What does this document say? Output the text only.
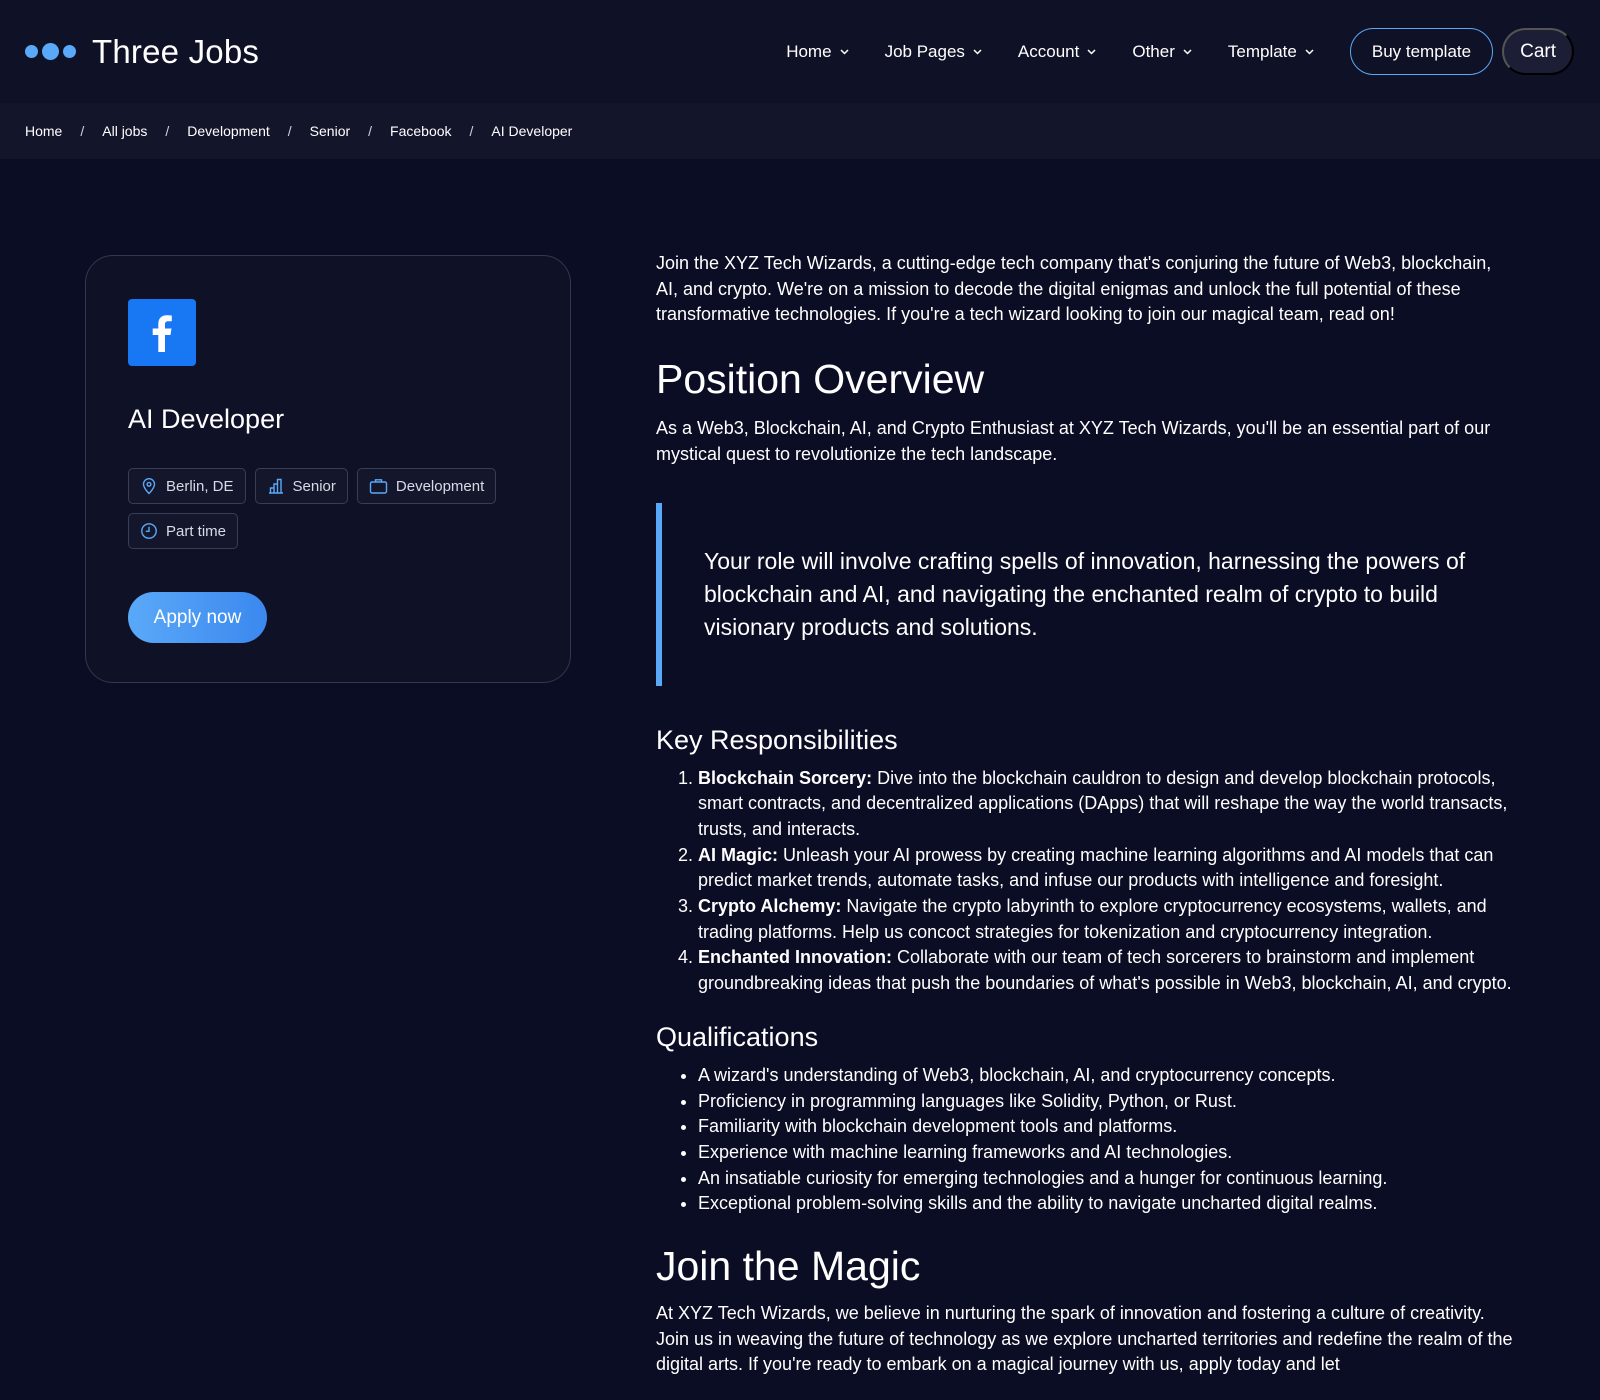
Three Jobs	Home	Job Pages	Account	Other	Template	Buy template	Cart
Home / All jobs / Development / Senior / Facebook / AI Developer
AI Developer
Berlin, DE	Senior	Development
Part time
Apply now

Join the XYZ Tech Wizards, a cutting-edge tech company that's conjuring the future of Web3, blockchain, AI, and crypto. We're on a mission to decode the digital enigmas and unlock the full potential of these transformative technologies. If you're a tech wizard looking to join our magical team, read on!

Position Overview

As a Web3, Blockchain, AI, and Crypto Enthusiast at XYZ Tech Wizards, you'll be an essential part of our mystical quest to revolutionize the tech landscape.

Your role will involve crafting spells of innovation, harnessing the powers of blockchain and AI, and navigating the enchanted realm of crypto to build visionary products and solutions.

Key Responsibilities
1. Blockchain Sorcery: Dive into the blockchain cauldron to design and develop blockchain protocols, smart contracts, and decentralized applications (DApps) that will reshape the way the world transacts, trusts, and interacts.
2. AI Magic: Unleash your AI prowess by creating machine learning algorithms and AI models that can predict market trends, automate tasks, and infuse our products with intelligence and foresight.
3. Crypto Alchemy: Navigate the crypto labyrinth to explore cryptocurrency ecosystems, wallets, and trading platforms. Help us concoct strategies for tokenization and cryptocurrency integration.
4. Enchanted Innovation: Collaborate with our team of tech sorcerers to brainstorm and implement groundbreaking ideas that push the boundaries of what's possible in Web3, blockchain, AI, and crypto.
Qualifications
• A wizard's understanding of Web3, blockchain, AI, and cryptocurrency concepts.
• Proficiency in programming languages like Solidity, Python, or Rust.
• Familiarity with blockchain development tools and platforms.
• Experience with machine learning frameworks and AI technologies.
• An insatiable curiosity for emerging technologies and a hunger for continuous learning.
• Exceptional problem-solving skills and the ability to navigate uncharted digital realms.
Join the Magic

At XYZ Tech Wizards, we believe in nurturing the spark of innovation and fostering a culture of creativity. Join us in weaving the future of technology as we explore uncharted territories and redefine the realm of the digital arts. If you're ready to embark on a magical journey with us, apply today and let
